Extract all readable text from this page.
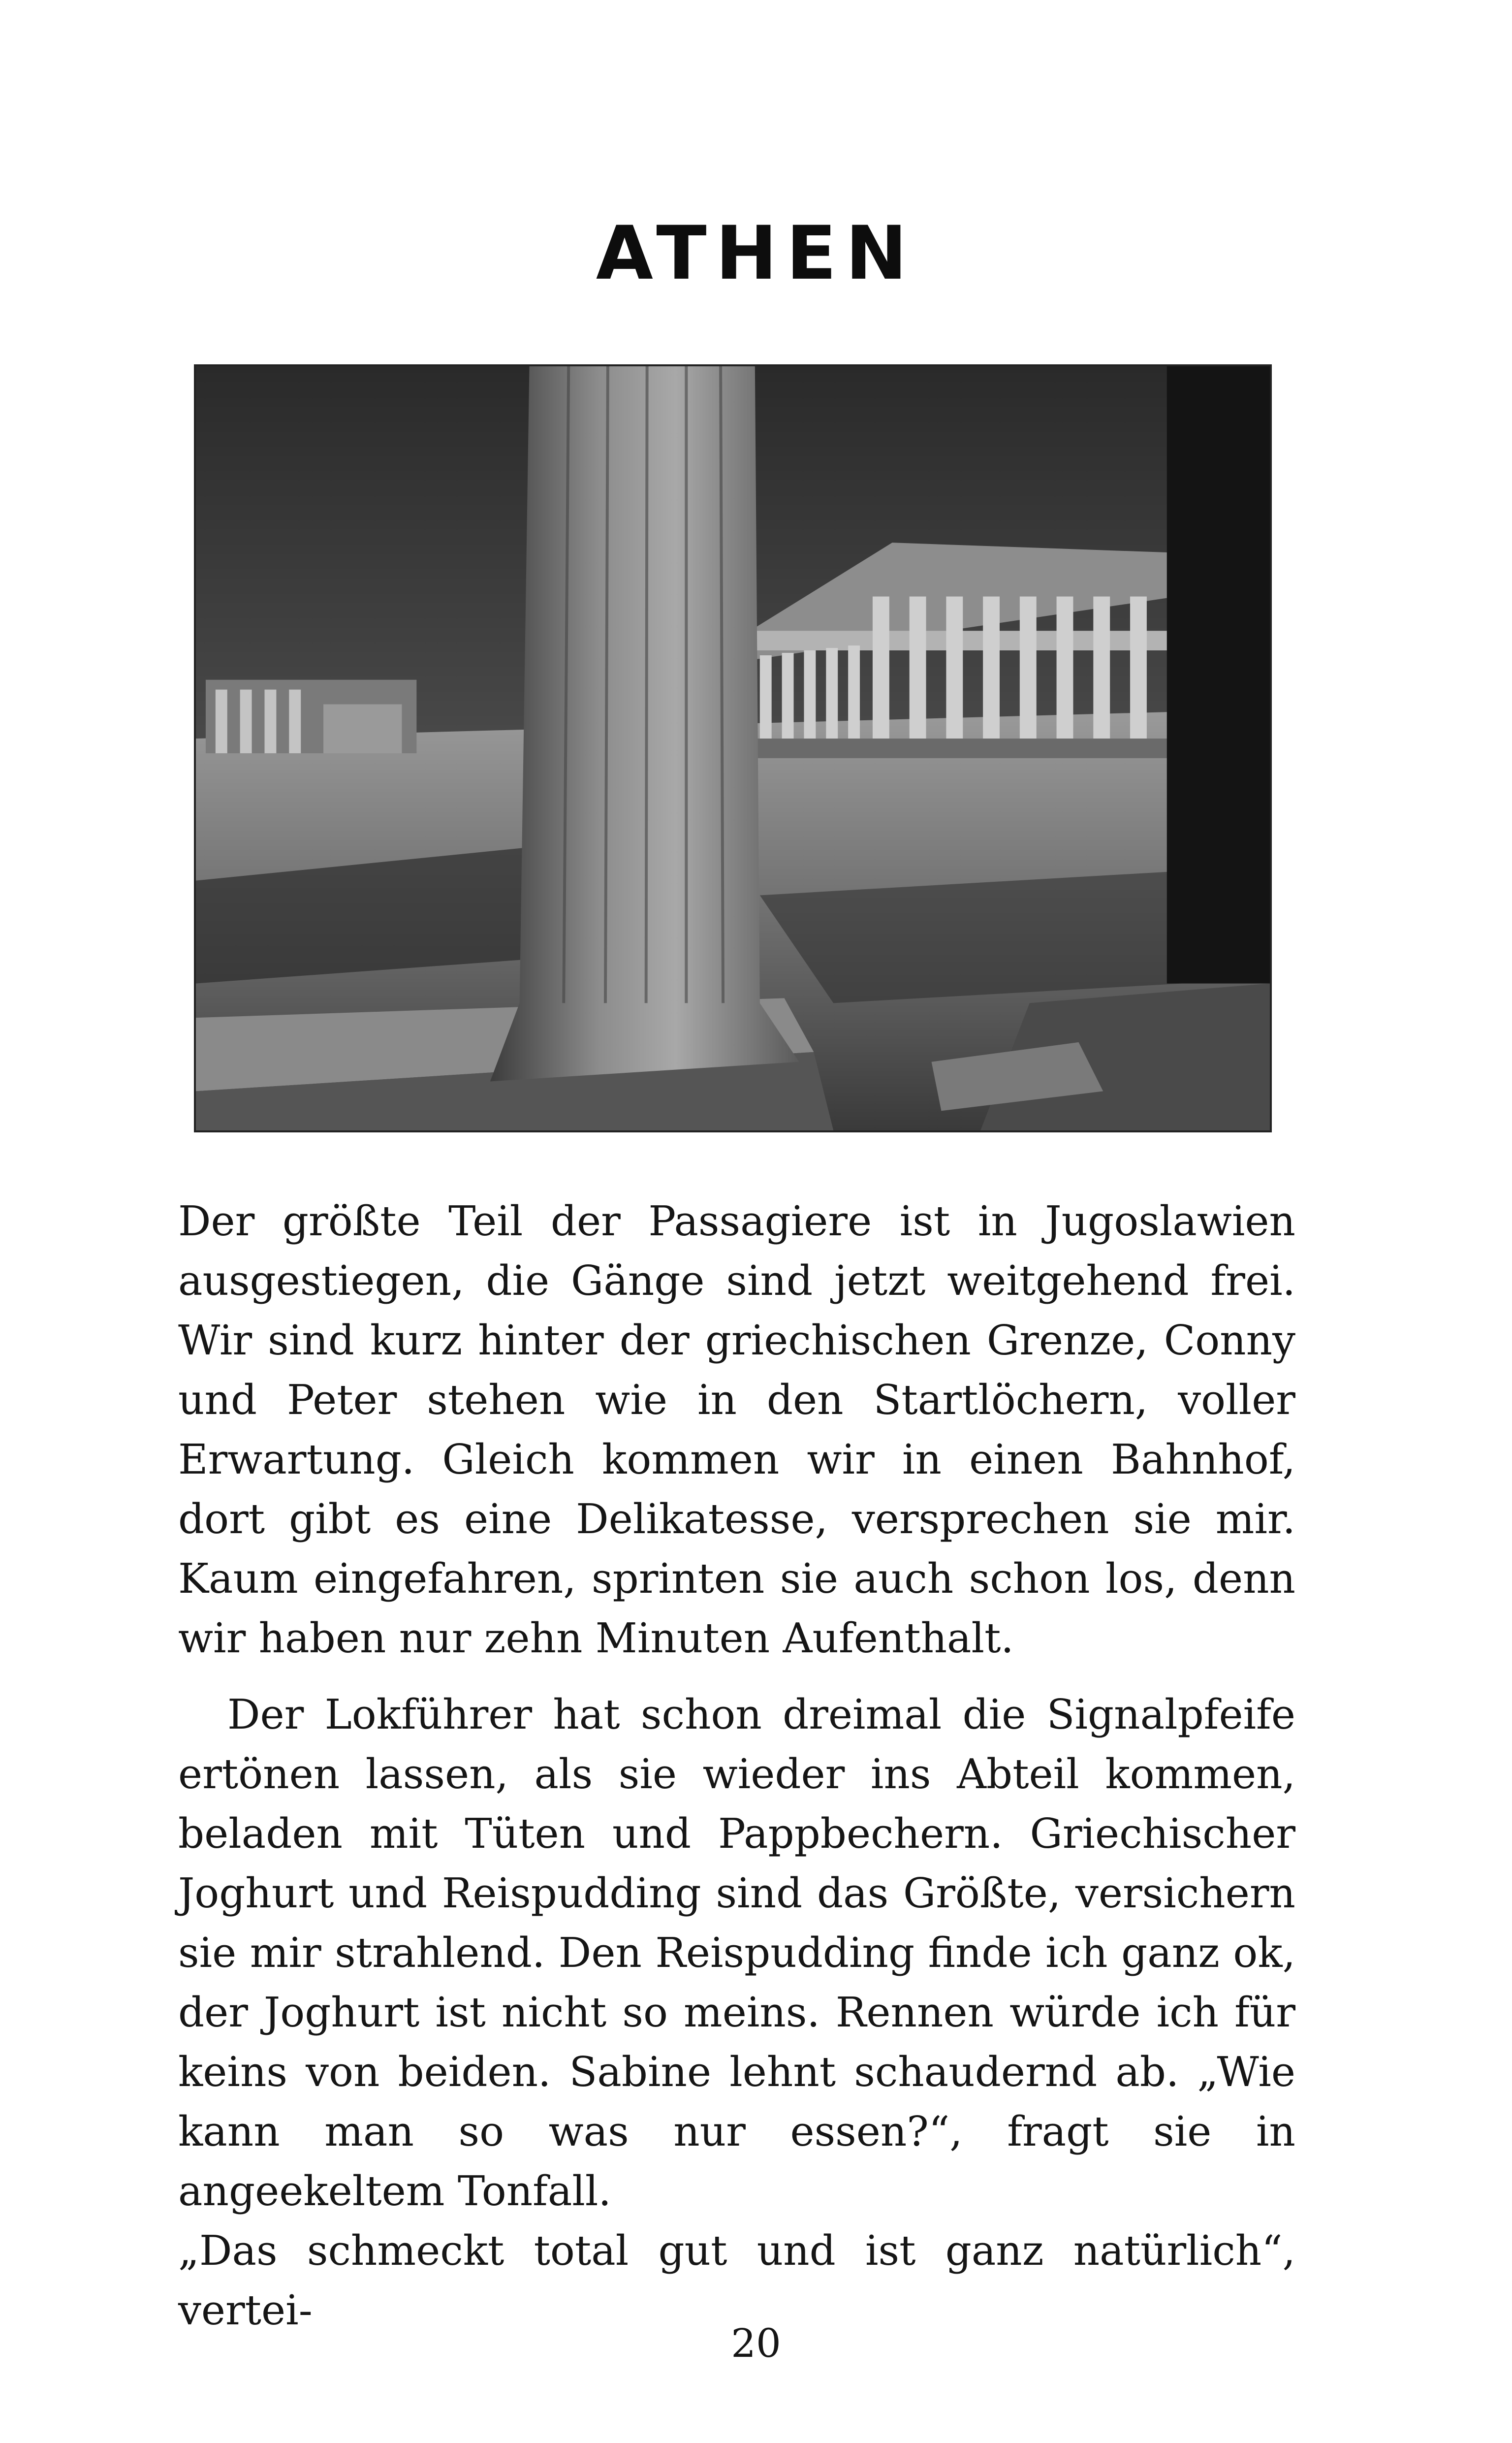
ATHEN

Der größte Teil der Passagiere ist in Jugoslawien ausgestiegen, die Gänge sind jetzt weitgehend frei. Wir sind kurz hinter der griechischen Grenze, Conny und Peter stehen wie in den Startlöchern, voller Erwartung. Gleich kommen wir in einen Bahnhof, dort gibt es eine Delikatesse, versprechen sie mir. Kaum eingefahren, sprinten sie auch schon los, denn wir haben nur zehn Minuten Aufenthalt.

Der Lokführer hat schon dreimal die Signalpfeife ertönen lassen, als sie wieder ins Abteil kommen, beladen mit Tüten und Pappbechern. Griechischer Joghurt und Reispudding sind das Größte, versichern sie mir strahlend. Den Reispudding finde ich ganz ok, der Joghurt ist nicht so meins. Rennen würde ich für keins von beiden. Sabine lehnt schaudernd ab. „Wie kann man so was nur essen?“, fragt sie in angeekeltem Tonfall.

„Das schmeckt total gut und ist ganz natürlich“, vertei-

20
